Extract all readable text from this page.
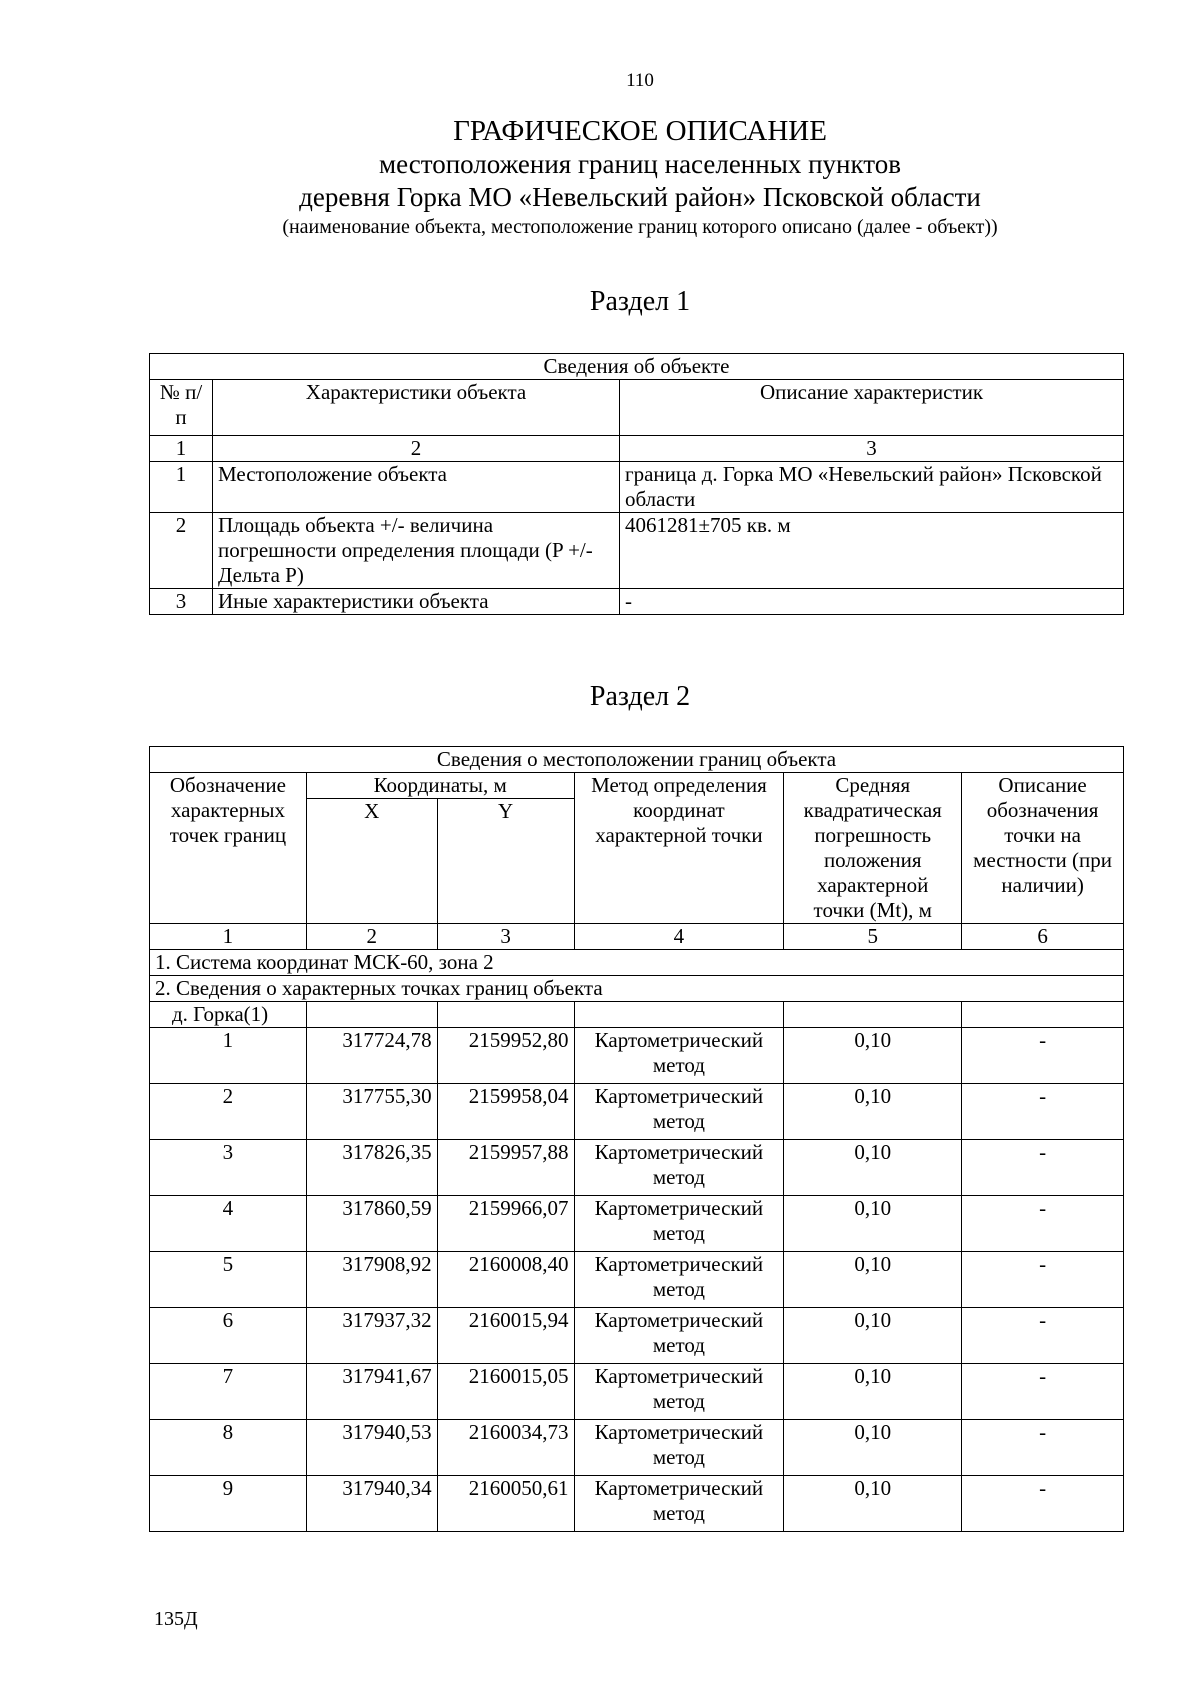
110
ГРАФИЧЕСКОЕ ОПИСАНИЕ
местоположения границ населенных пунктов
деревня Горка МО «Невельский район» Псковской области
(наименование объекта, местоположение границ которого описано (далее - объект))
Раздел 1
Сведения об объекте		
№ п/п	Характеристики объекта	Описание характеристик
1	2	3
1	Местоположение объекта	граница д. Горка МО «Невельский район» Псковской области
2	Площадь объекта +/- величина погрешности определения площади (P +/- Дельта P)	4061281±705 кв. м
3	Иные характеристики объекта	-
Раздел 2
Сведения о местоположении границ объекта					
Обозначение характерных точек границ	Координаты, м		Метод определения координат характерной точки	Средняя квадратическая погрешность положения характерной точки (Mt), м	Описание обозначения точки на местности (при наличии)
	X	Y			
1	2	3	4	5	6
1. Система координат МСК-60, зона 2					
2. Сведения о характерных точках границ объекта					
д. Горка(1)					
1	317724,78	2159952,80	Картометрический метод	0,10	-
2	317755,30	2159958,04	Картометрический метод	0,10	-
3	317826,35	2159957,88	Картометрический метод	0,10	-
4	317860,59	2159966,07	Картометрический метод	0,10	-
5	317908,92	2160008,40	Картометрический метод	0,10	-
6	317937,32	2160015,94	Картометрический метод	0,10	-
7	317941,67	2160015,05	Картометрический метод	0,10	-
8	317940,53	2160034,73	Картометрический метод	0,10	-
9	317940,34	2160050,61	Картометрический метод	0,10	-
135Д
